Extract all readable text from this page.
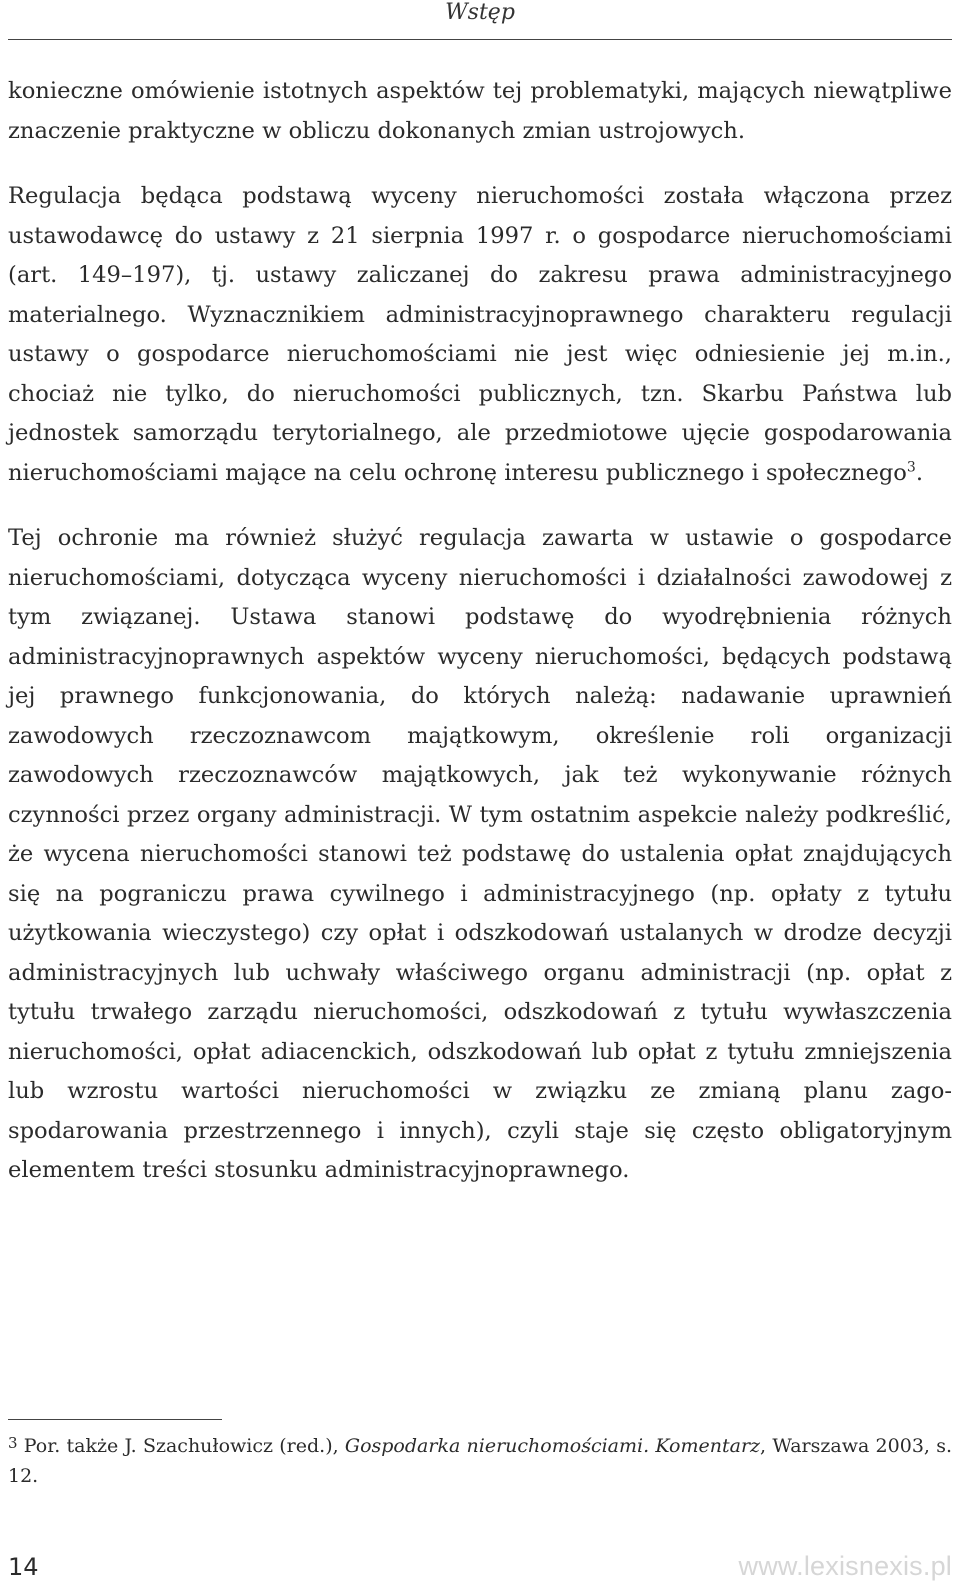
Wstęp

konieczne omówienie istotnych aspektów tej problematyki, mających niewątpliwe znaczenie praktyczne w obliczu dokonanych zmian ustrojowych.

Regulacja będąca podstawą wyceny nieruchomości została włączona przez ustawodawcę do ustawy z 21 sierpnia 1997 r. o gospodarce nieruchomościami (art. 149–197), tj. ustawy zaliczanej do zakresu prawa administracyjnego materialnego. Wyznacznikiem administracyjnoprawnego charakteru regulacji ustawy o gospodarce nieruchomościami nie jest więc odniesienie jej m.in., chociaż nie tylko, do nieruchomości publicznych, tzn. Skarbu Państwa lub jednostek samorządu terytorialnego, ale przedmiotowe ujęcie gospodarowania nieruchomościami mające na celu ochronę interesu publicznego i społecznego$^3$.

Tej ochronie ma również służyć regulacja zawarta w ustawie o gospodarce nieruchomościami, dotycząca wyceny nieruchomości i działalności zawodowej z tym związanej. Ustawa stanowi podstawę do wyodrębnienia różnych administracyjnoprawnych aspektów wyceny nieruchomości, będących podstawą jej prawnego funkcjonowania, do których należą: nadawanie uprawnień zawodowych rzeczoznawcom majątkowym, określenie roli organizacji zawodowych rzeczoznawców majątkowych, jak też wykonywanie różnych czynności przez organy administracji. W tym ostatnim aspekcie należy podkreślić, że wycena nieruchomości stanowi też podstawę do ustalenia opłat znajdujących się na pograniczu prawa cywilnego i administracyjnego (np. opłaty z tytułu użytkowania wieczystego) czy opłat i odszkodowań ustalanych w drodze decyzji administracyjnych lub uchwały właściwego organu administracji (np. opłat z tytułu trwałego zarządu nieruchomości, odszkodowań z tytułu wywłaszczenia nieruchomości, opłat adiacenckich, odszkodowań lub opłat z tytułu zmniejszenia lub wzrostu wartości nieruchomości w związku ze zmianą planu zagospodarowania przestrzennego i innych), czyli staje się często obligatoryjnym elementem treści stosunku administracyjnoprawnego.

$^3$ Por. także J. Szachułowicz (red.), Gospodarka nieruchomościami. Komentarz, Warszawa 2003, s. 12.
14	www.lexisnexis.pl
